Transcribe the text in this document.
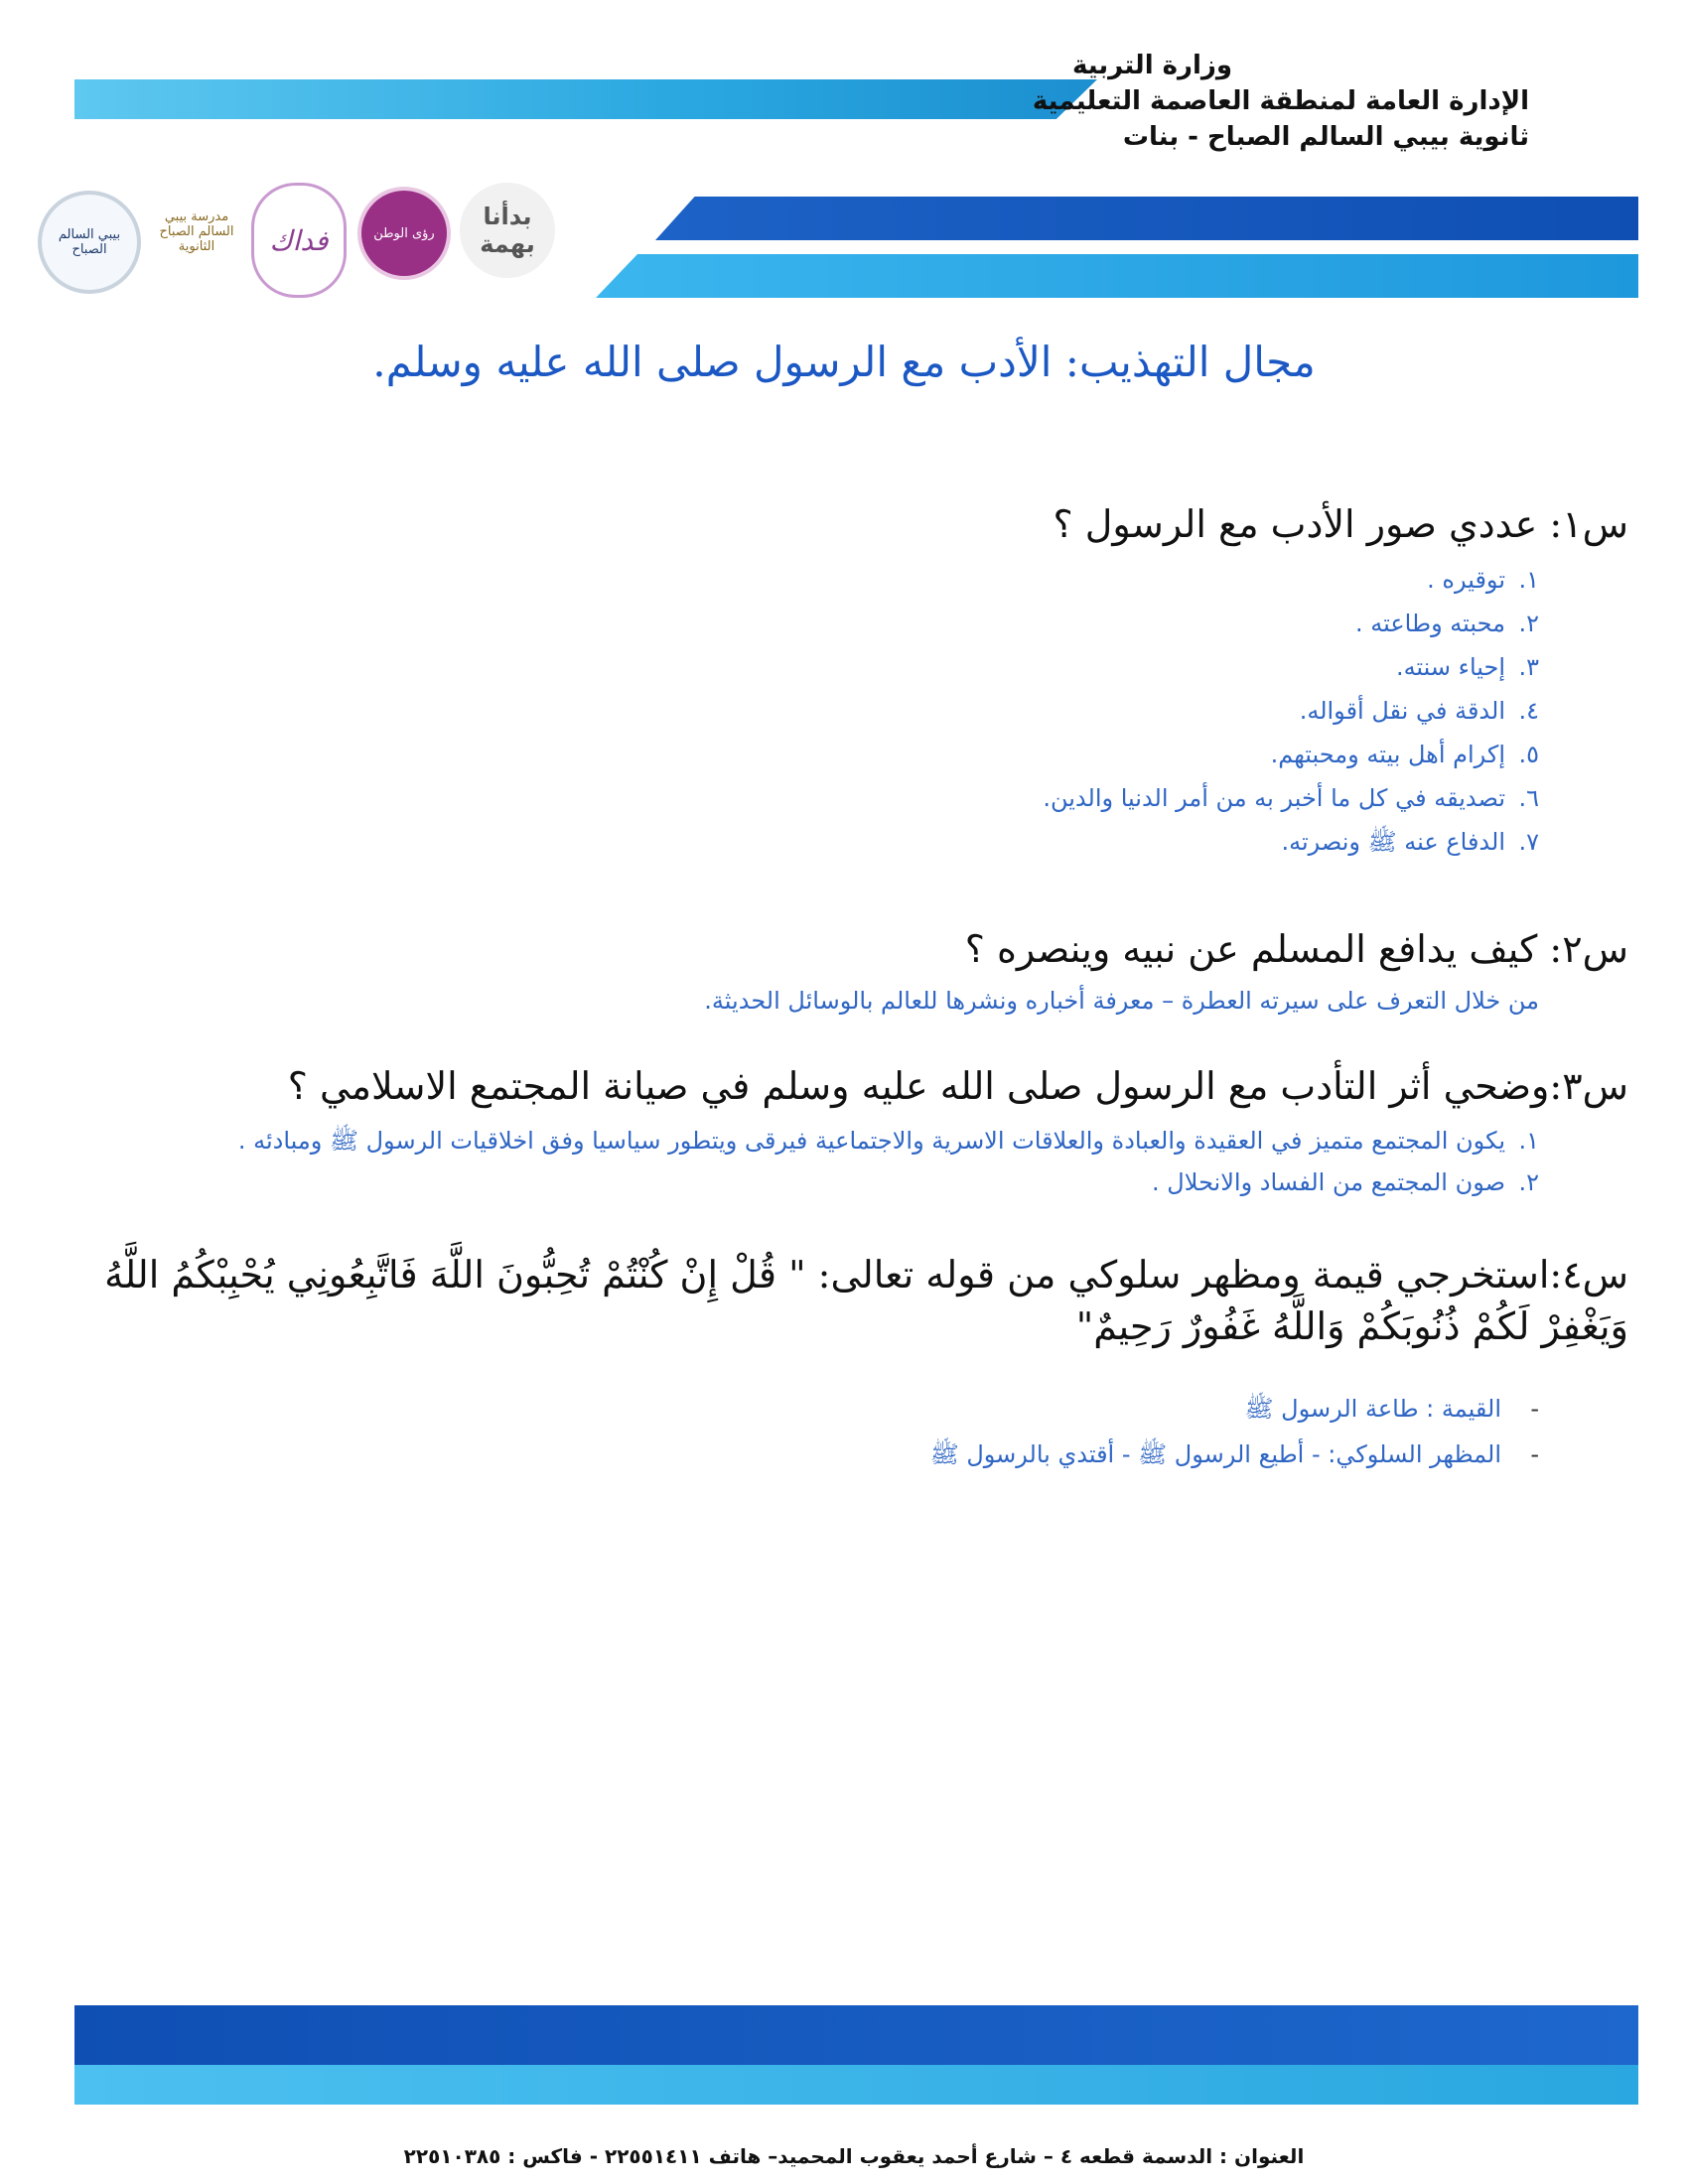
وزارة التربية
الإدارة العامة لمنطقة العاصمة التعليمية
ثانوية بيبي السالم الصباح - بنات
بيبي السالم الصباح
مدرسة بيبي السالم الصباح الثانوية	فداك	رؤى الوطن
بدأنا بهمة
مجال التهذيب: الأدب مع الرسول صلى الله عليه وسلم.

س١: عددي صور الأدب مع الرسول ؟

١.توقيره .
٢.محبته وطاعته .
٣.إحياء سنته.
٤.الدقة في نقل أقواله.
٥.إكرام أهل بيته ومحبتهم.
٦.تصديقه في كل ما أخبر به من أمر الدنيا والدين.
٧.الدفاع عنه ﷺ ونصرته.

س٢: كيف يدافع المسلم عن نبيه وينصره ؟

من خلال التعرف على سيرته العطرة – معرفة أخباره ونشرها للعالم بالوسائل الحديثة.

س٣:وضحي أثر التأدب مع الرسول صلى الله عليه وسلم في صيانة المجتمع الاسلامي ؟

١.يكون المجتمع متميز في العقيدة والعبادة والعلاقات الاسرية والاجتماعية فيرقى ويتطور سياسيا وفق اخلاقيات الرسول ﷺ ومبادئه .
٢.صون المجتمع من الفساد والانحلال .

س٤:استخرجي قيمة ومظهر سلوكي من قوله تعالى: " قُلْ إِنْ كُنْتُمْ تُحِبُّونَ اللَّهَ فَاتَّبِعُونِي يُحْبِبْكُمُ اللَّهُ وَيَغْفِرْ لَكُمْ ذُنُوبَكُمْ وَاللَّهُ غَفُورٌ رَحِيمٌ"

-القيمة : طاعة الرسول ﷺ
-المظهر السلوكي: - أطيع الرسول ﷺ - أقتدي بالرسول ﷺ
العنوان : الدسمة قطعه ٤ – شارع أحمد يعقوب المحميد– هاتف ٢٢٥٥١٤١١ - فاكس : ٢٢٥١٠٣٨٥
